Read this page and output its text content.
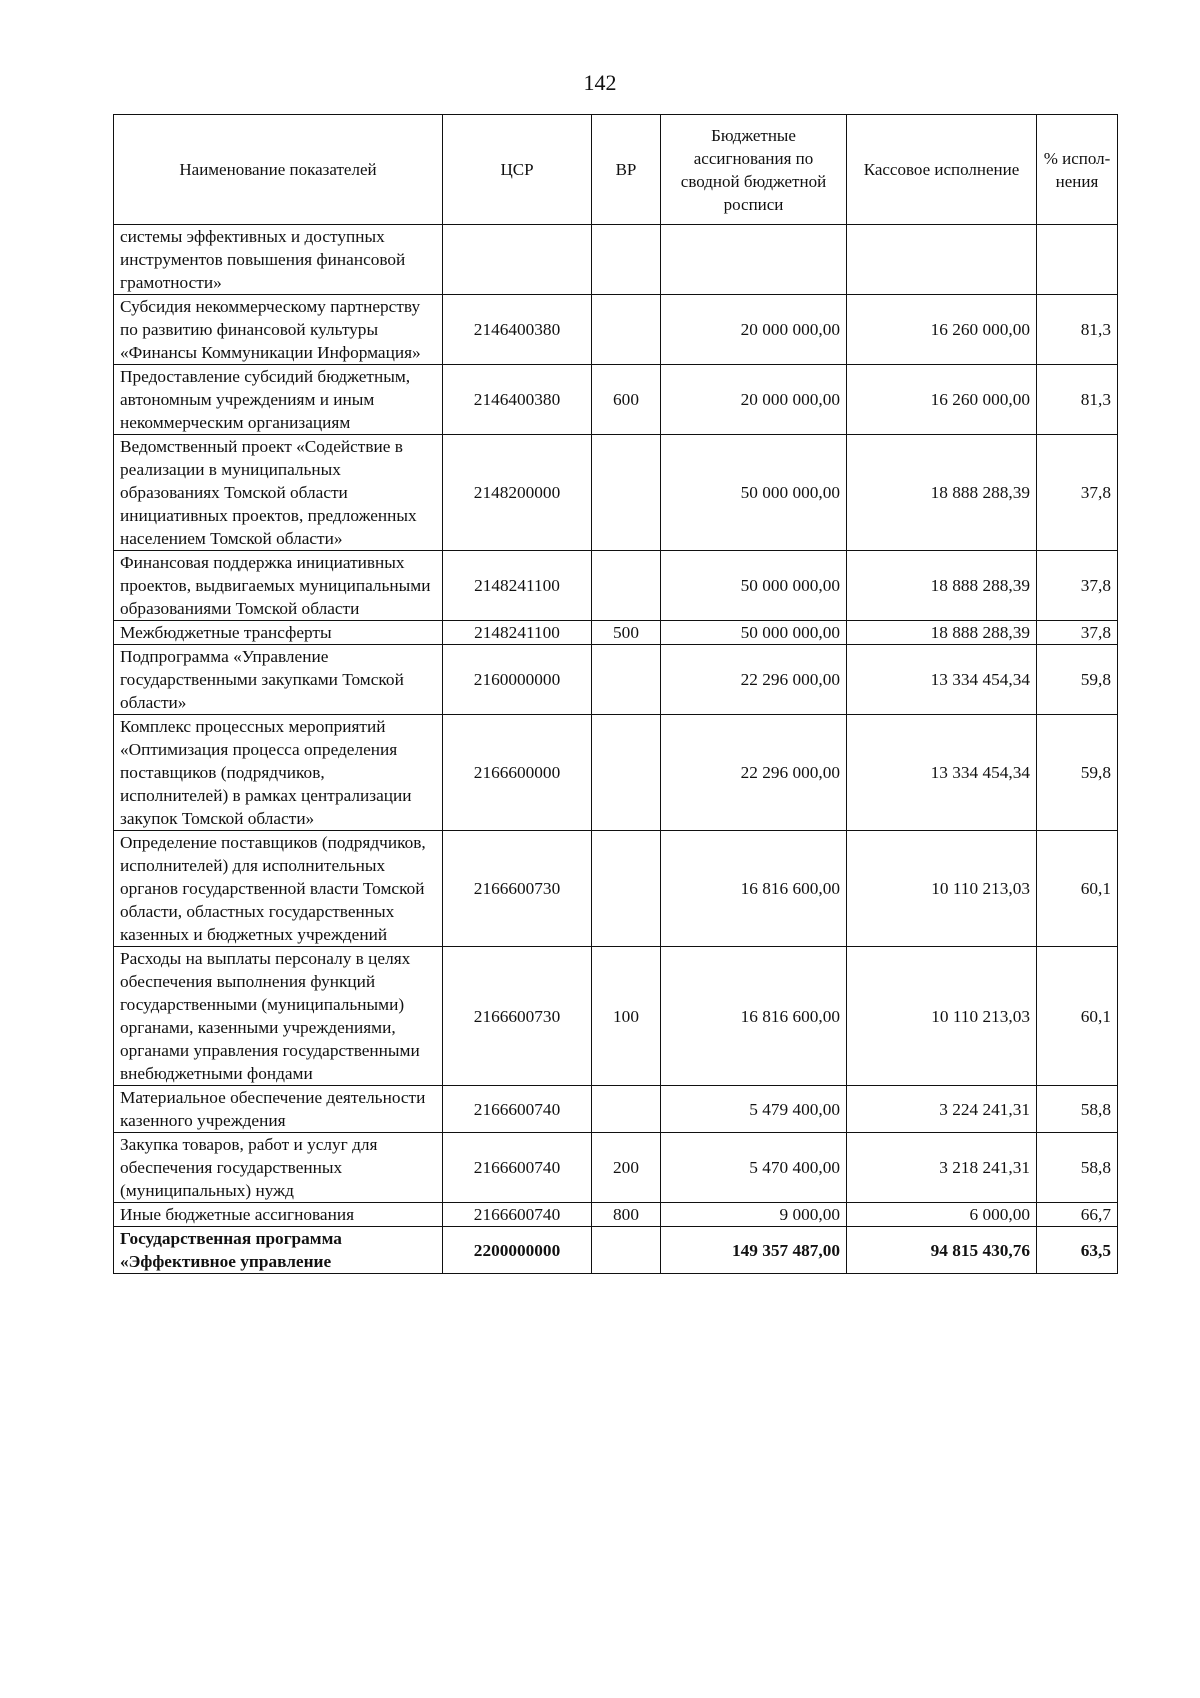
142
Наименование показателей	ЦСР	ВР	Бюджетные ассигнования по сводной бюджетной росписи	Кассовое исполнение	% испол-нения
системы эффективных и доступных инструментов повышения финансовой грамотности»					
Субсидия некоммерческому партнерству по развитию финансовой культуры «Финансы Коммуникации Информация»	2146400380		20 000 000,00	16 260 000,00	81,3
Предоставление субсидий бюджетным, автономным учреждениям и иным некоммерческим организациям	2146400380	600	20 000 000,00	16 260 000,00	81,3
Ведомственный проект «Содействие в реализации в муниципальных образованиях Томской области инициативных проектов, предложенных населением Томской области»	2148200000		50 000 000,00	18 888 288,39	37,8
Финансовая поддержка инициативных проектов, выдвигаемых муниципальными образованиями Томской области	2148241100		50 000 000,00	18 888 288,39	37,8
Межбюджетные трансферты	2148241100	500	50 000 000,00	18 888 288,39	37,8
Подпрограмма «Управление государственными закупками Томской области»	2160000000		22 296 000,00	13 334 454,34	59,8
Комплекс процессных мероприятий «Оптимизация процесса определения поставщиков (подрядчиков, исполнителей) в рамках централизации закупок Томской области»	2166600000		22 296 000,00	13 334 454,34	59,8
Определение поставщиков (подрядчиков, исполнителей) для исполнительных органов государственной власти Томской области, областных государственных казенных и бюджетных учреждений	2166600730		16 816 600,00	10 110 213,03	60,1
Расходы на выплаты персоналу в целях обеспечения выполнения функций государственными (муниципальными) органами, казенными учреждениями, органами управления государственными внебюджетными фондами	2166600730	100	16 816 600,00	10 110 213,03	60,1
Материальное обеспечение деятельности казенного учреждения	2166600740		5 479 400,00	3 224 241,31	58,8
Закупка товаров, работ и услуг для обеспечения государственных (муниципальных) нужд	2166600740	200	5 470 400,00	3 218 241,31	58,8
Иные бюджетные ассигнования	2166600740	800	9 000,00	6 000,00	66,7
Государственная программа «Эффективное управление	2200000000		149 357 487,00	94 815 430,76	63,5
